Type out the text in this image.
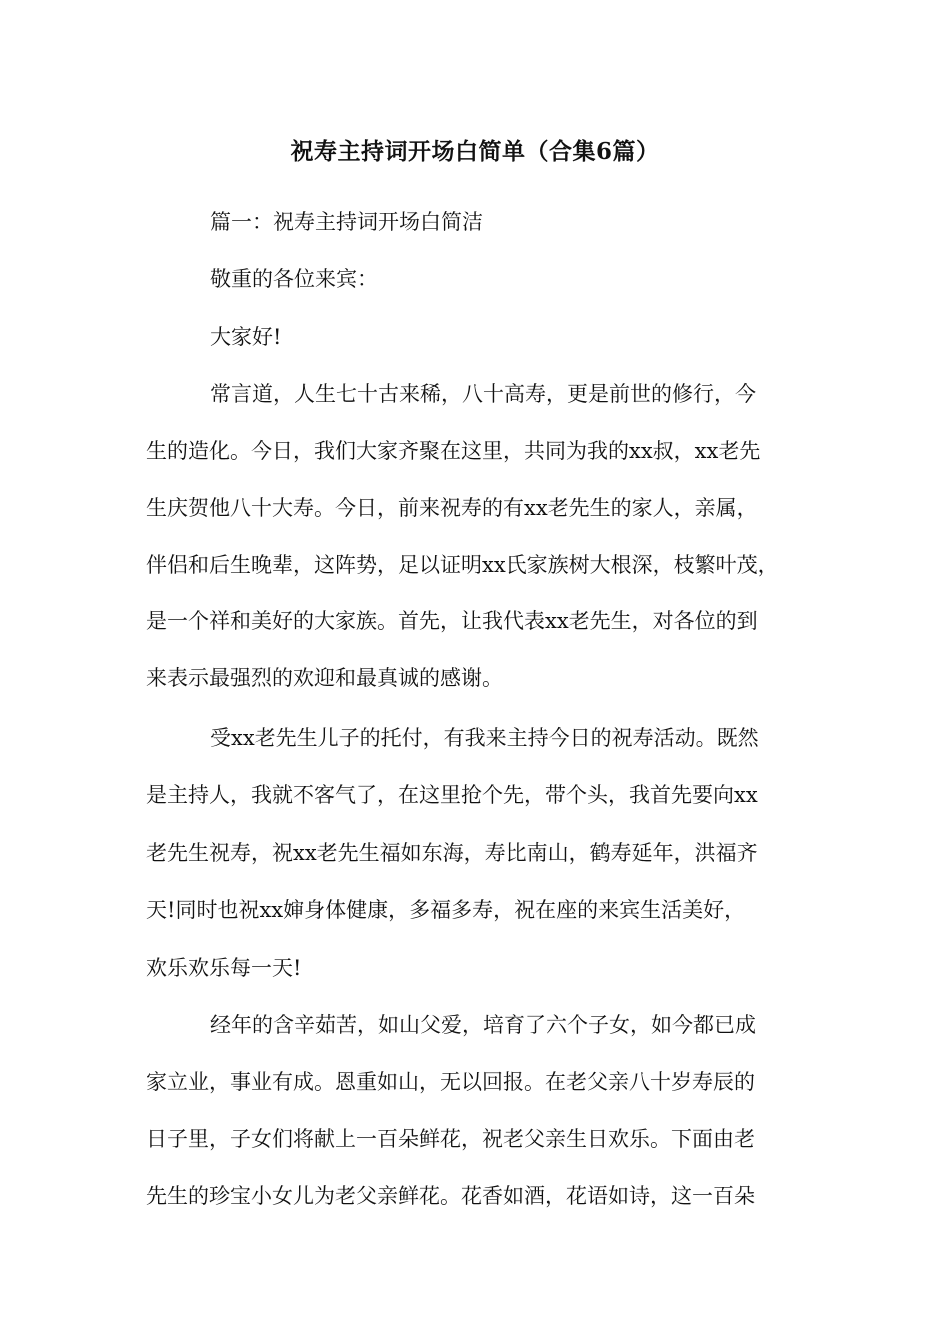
祝寿主持词开场白简单（合集6篇）
篇一：祝寿主持词开场白简洁
敬重的各位来宾：
大家好!
常言道，人生七十古来稀，八十高寿，更是前世的修行，今
生的造化。今日，我们大家齐聚在这里，共同为我的xx叔，xx老先
生庆贺他八十大寿。今日，前来祝寿的有xx老先生的家人，亲属，
伴侣和后生晚辈，这阵势，足以证明xx氏家族树大根深，枝繁叶茂，
是一个祥和美好的大家族。首先，让我代表xx老先生，对各位的到
来表示最强烈的欢迎和最真诚的感谢。
受xx老先生儿子的托付，有我来主持今日的祝寿活动。既然
是主持人，我就不客气了，在这里抢个先，带个头，我首先要向xx
老先生祝寿，祝xx老先生福如东海，寿比南山，鹤寿延年，洪福齐
天!同时也祝xx婶身体健康，多福多寿，祝在座的来宾生活美好，
欢乐欢乐每一天!
经年的含辛茹苦，如山父爱，培育了六个子女，如今都已成
家立业，事业有成。恩重如山，无以回报。在老父亲八十岁寿辰的
日子里，子女们将献上一百朵鲜花，祝老父亲生日欢乐。下面由老
先生的珍宝小女儿为老父亲鲜花。花香如酒，花语如诗，这一百朵
